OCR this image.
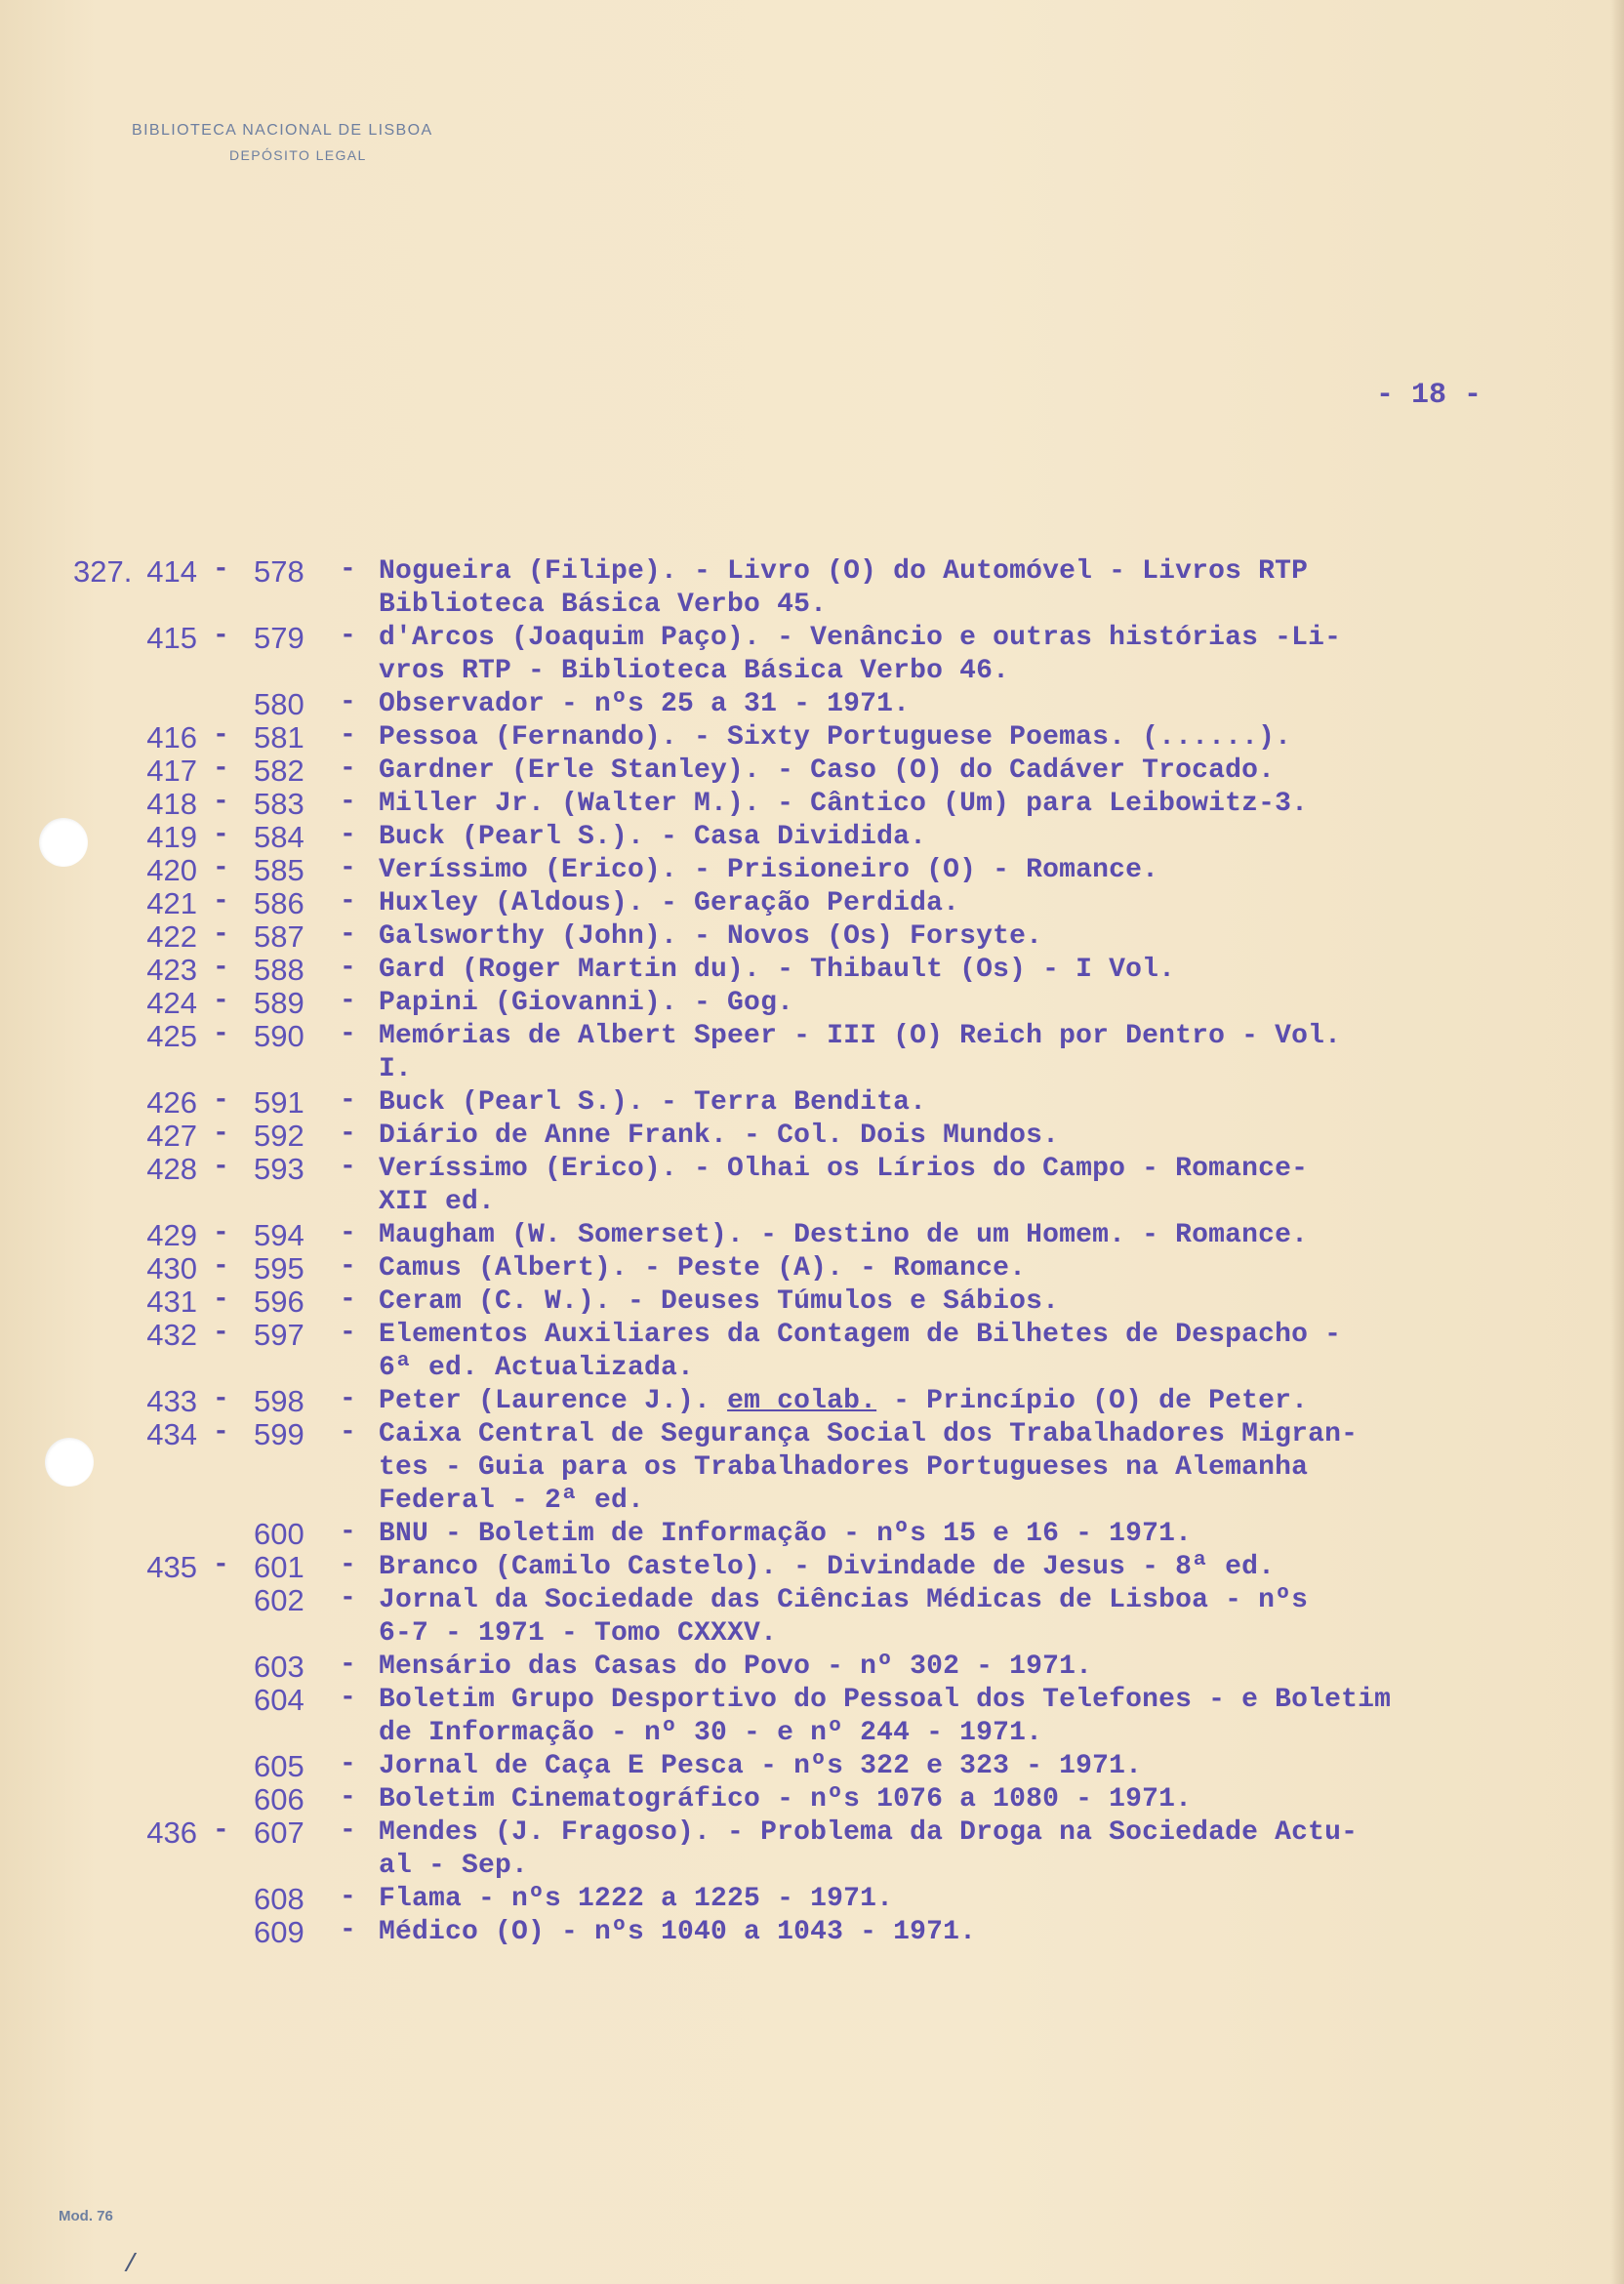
BIBLIOTECA NACIONAL DE LISBOA
DEPÓSITO LEGAL
- 18 -
327. 414 - 578 - Nogueira (Filipe). - Livro (O) do Automóvel - Livros RTP
Biblioteca Básica Verbo 45.
415 - 579 - d'Arcos (Joaquim Paço). - Venâncio e outras histórias -Li-
vros RTP - Biblioteca Básica Verbo 46.
580 - Observador - nºs 25 a 31 - 1971.
416 - 581 - Pessoa (Fernando). - Sixty Portuguese Poemas. (......).
417 - 582 - Gardner (Erle Stanley). - Caso (O) do Cadáver Trocado.
418 - 583 - Miller Jr. (Walter M.). - Cântico (Um) para Leibowitz-3.
419 - 584 - Buck (Pearl S.). - Casa Dividida.
420 - 585 - Veríssimo (Erico). - Prisioneiro (O) - Romance.
421 - 586 - Huxley (Aldous). - Geração Perdida.
422 - 587 - Galsworthy (John). - Novos (Os) Forsyte.
423 - 588 - Gard (Roger Martin du). - Thibault (Os) - I Vol.
424 - 589 - Papini (Giovanni). - Gog.
425 - 590 - Memórias de Albert Speer - III (O) Reich por Dentro - Vol.
I.
426 - 591 - Buck (Pearl S.). - Terra Bendita.
427 - 592 - Diário de Anne Frank. - Col. Dois Mundos.
428 - 593 - Veríssimo (Erico). - Olhai os Lírios do Campo - Romance-
XII ed.
429 - 594 - Maugham (W. Somerset). - Destino de um Homem. - Romance.
430 - 595 - Camus (Albert). - Peste (A). - Romance.
431 - 596 - Ceram (C. W.). - Deuses Túmulos e Sábios.
432 - 597 - Elementos Auxiliares da Contagem de Bilhetes de Despacho -
6ª ed. Actualizada.
433 - 598 - Peter (Laurence J.). em colab. - Princípio (O) de Peter.
434 - 599 - Caixa Central de Segurança Social dos Trabalhadores Migran-
tes - Guia para os Trabalhadores Portugueses na Alemanha
Federal - 2ª ed.
600 - BNU - Boletim de Informação - nºs 15 e 16 - 1971.
435 - 601 - Branco (Camilo Castelo). - Divindade de Jesus - 8ª ed.
602 - Jornal da Sociedade das Ciências Médicas de Lisboa - nºs
6-7 - 1971 - Tomo CXXXV.
603 - Mensário das Casas do Povo - nº 302 - 1971.
604 - Boletim Grupo Desportivo do Pessoal dos Telefones - e Boletim
de Informação - nº 30 - e nº 244 - 1971.
605 - Jornal de Caça E Pesca - nºs 322 e 323 - 1971.
606 - Boletim Cinematográfico - nºs 1076 a 1080 - 1971.
436 - 607 - Mendes (J. Fragoso). - Problema da Droga na Sociedade Actu-
al - Sep.
608 - Flama - nºs 1222 a 1225 - 1971.
609 - Médico (O) - nºs 1040 a 1043 - 1971.
Mod. 76
/
